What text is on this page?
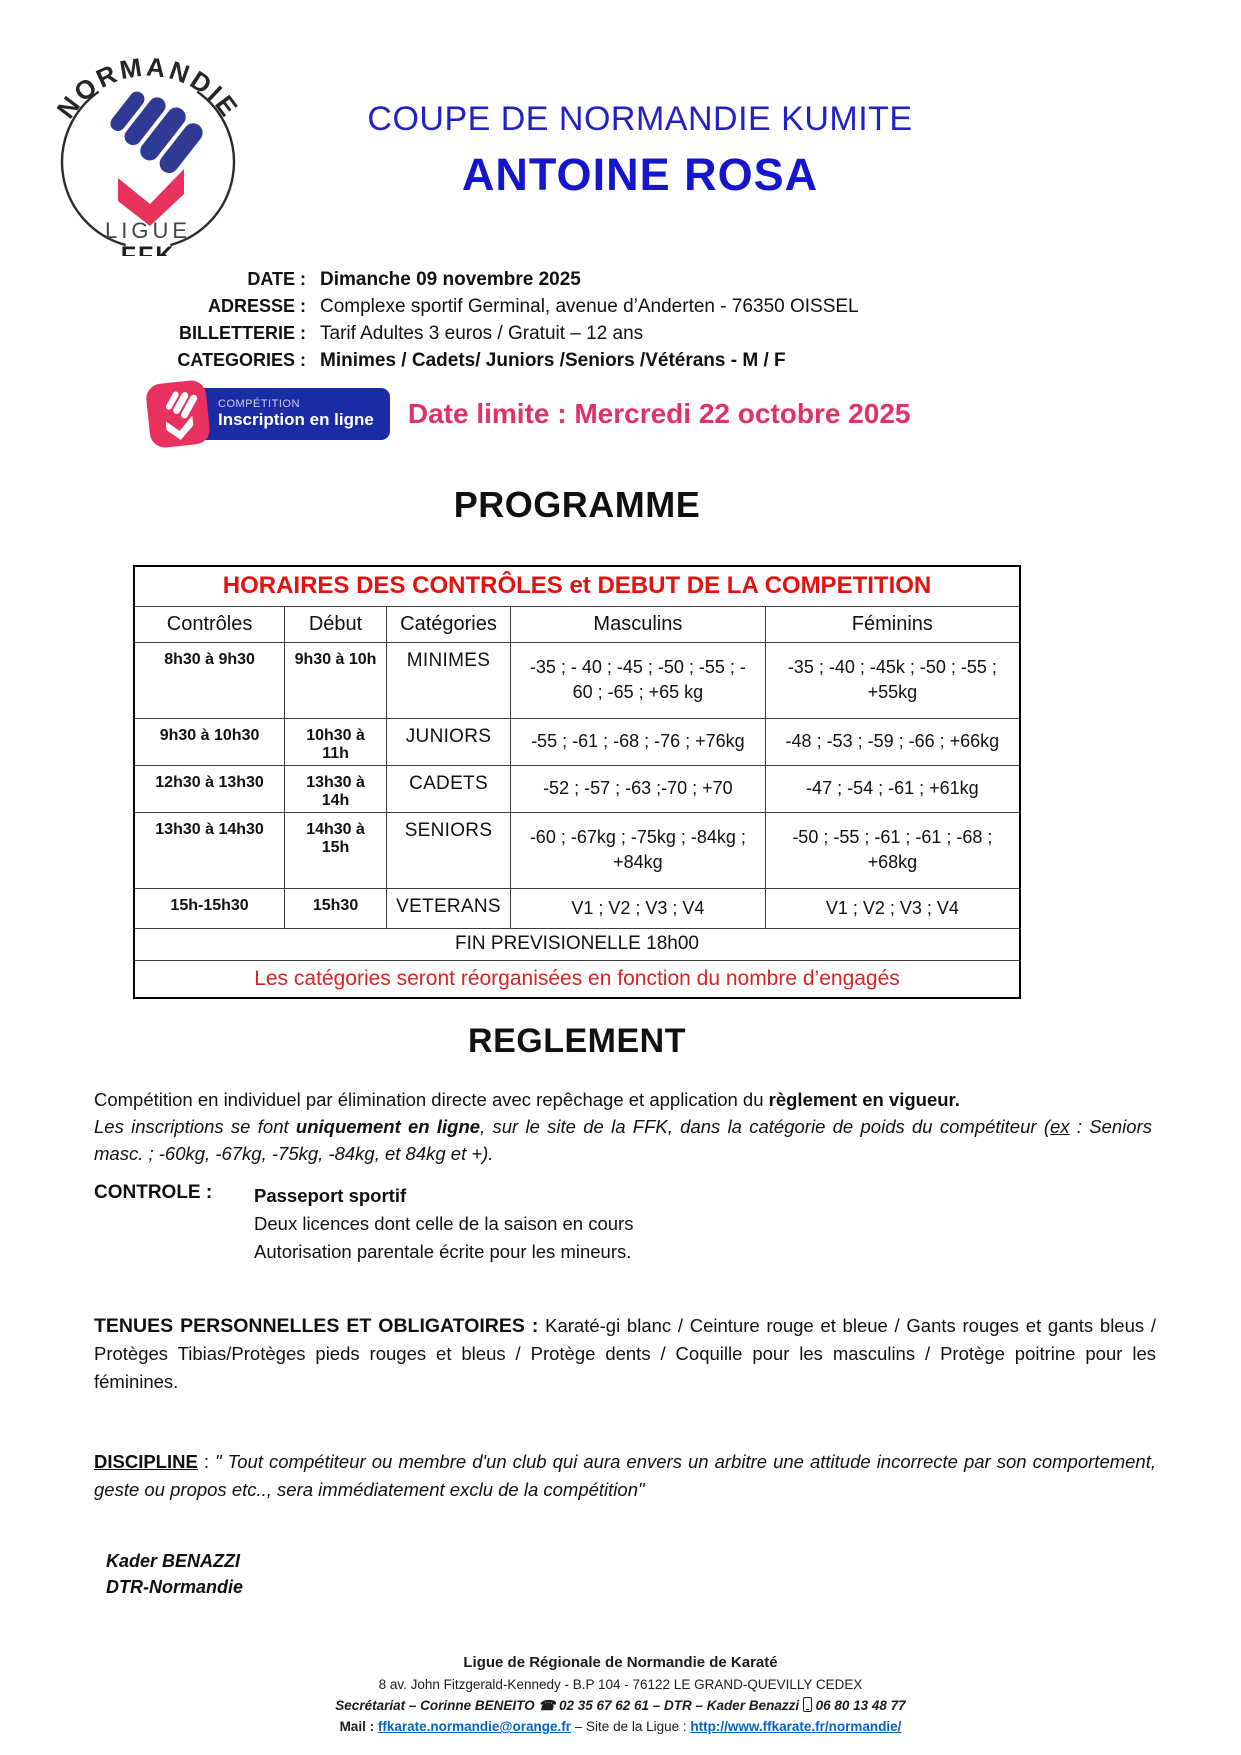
NORMANDIE
LIGUE
FFK
COUPE DE NORMANDIE KUMITE
ANTOINE ROSA
DATE : Dimanche 09 novembre 2025
ADRESSE : Complexe sportif Germinal, avenue d’Anderten - 76350 OISSEL
BILLETTERIE : Tarif Adultes 3 euros / Gratuit – 12 ans
CATEGORIES : Minimes / Cadets/ Juniors /Seniors /Vétérans - M / F
COMPÉTITION
Inscription en ligne Date limite : Mercredi 22 octobre 2025
PROGRAMME
HORAIRES DES CONTRÔLES et DEBUT DE LA COMPETITION				
Contrôles	Début	Catégories	Masculins	Féminins
8h30 à 9h30	9h30 à 10h	MINIMES	-35 ; - 40 ; -45 ; -50 ; -55 ; - 60 ; -65 ; +65 kg	-35 ; -40 ; -45k ; -50 ; -55 ; +55kg
9h30 à 10h30	10h30 à 11h	JUNIORS	-55 ; -61 ; -68 ; -76 ; +76kg	-48 ; -53 ; -59 ; -66 ; +66kg
12h30 à 13h30	13h30 à 14h	CADETS	-52 ; -57 ; -63 ;-70 ; +70	-47 ; -54 ; -61 ; +61kg
13h30 à 14h30	14h30 à 15h	SENIORS	-60 ; -67kg ; -75kg ; -84kg ; +84kg	-50 ; -55 ; -61 ; -61 ; -68 ; +68kg
15h-15h30	15h30	VETERANS	V1 ; V2 ; V3 ; V4	V1 ; V2 ; V3 ; V4
FIN PREVISIONELLE 18h00				
Les catégories seront réorganisées en fonction du nombre d’engagés				
REGLEMENT

Compétition en individuel par élimination directe avec repêchage et application du règlement en vigueur.

Les inscriptions se font uniquement en ligne, sur le site de la FFK, dans la catégorie de poids du compétiteur (ex : Seniors masc. ; -60kg, -67kg, -75kg, -84kg, et 84kg et +).

CONTROLE :	Passeport sportif
Deux licences dont celle de la saison en cours
Autorisation parentale écrite pour les mineurs.
TENUES PERSONNELLES ET OBLIGATOIRES : Karaté-gi blanc / Ceinture rouge et bleue / Gants rouges et gants bleus / Protèges Tibias/Protèges pieds rouges et bleus / Protège dents / Coquille pour les masculins / Protège poitrine pour les féminines.
DISCIPLINE : " Tout compétiteur ou membre d'un club qui aura envers un arbitre une attitude incorrecte par son comportement, geste ou propos etc.., sera immédiatement exclu de la compétition"
Kader BENAZZI
DTR-Normandie
Ligue de Régionale de Normandie de Karaté
8 av. John Fitzgerald-Kennedy - B.P 104 - 76122 LE GRAND-QUEVILLY CEDEX
Secrétariat – Corinne BENEITO ☎ 02 35 67 62 61 – DTR – Kader Benazzi  06 80 13 48 77
Mail : ffkarate.normandie@orange.fr – Site de la Ligue : http://www.ffkarate.fr/normandie/
